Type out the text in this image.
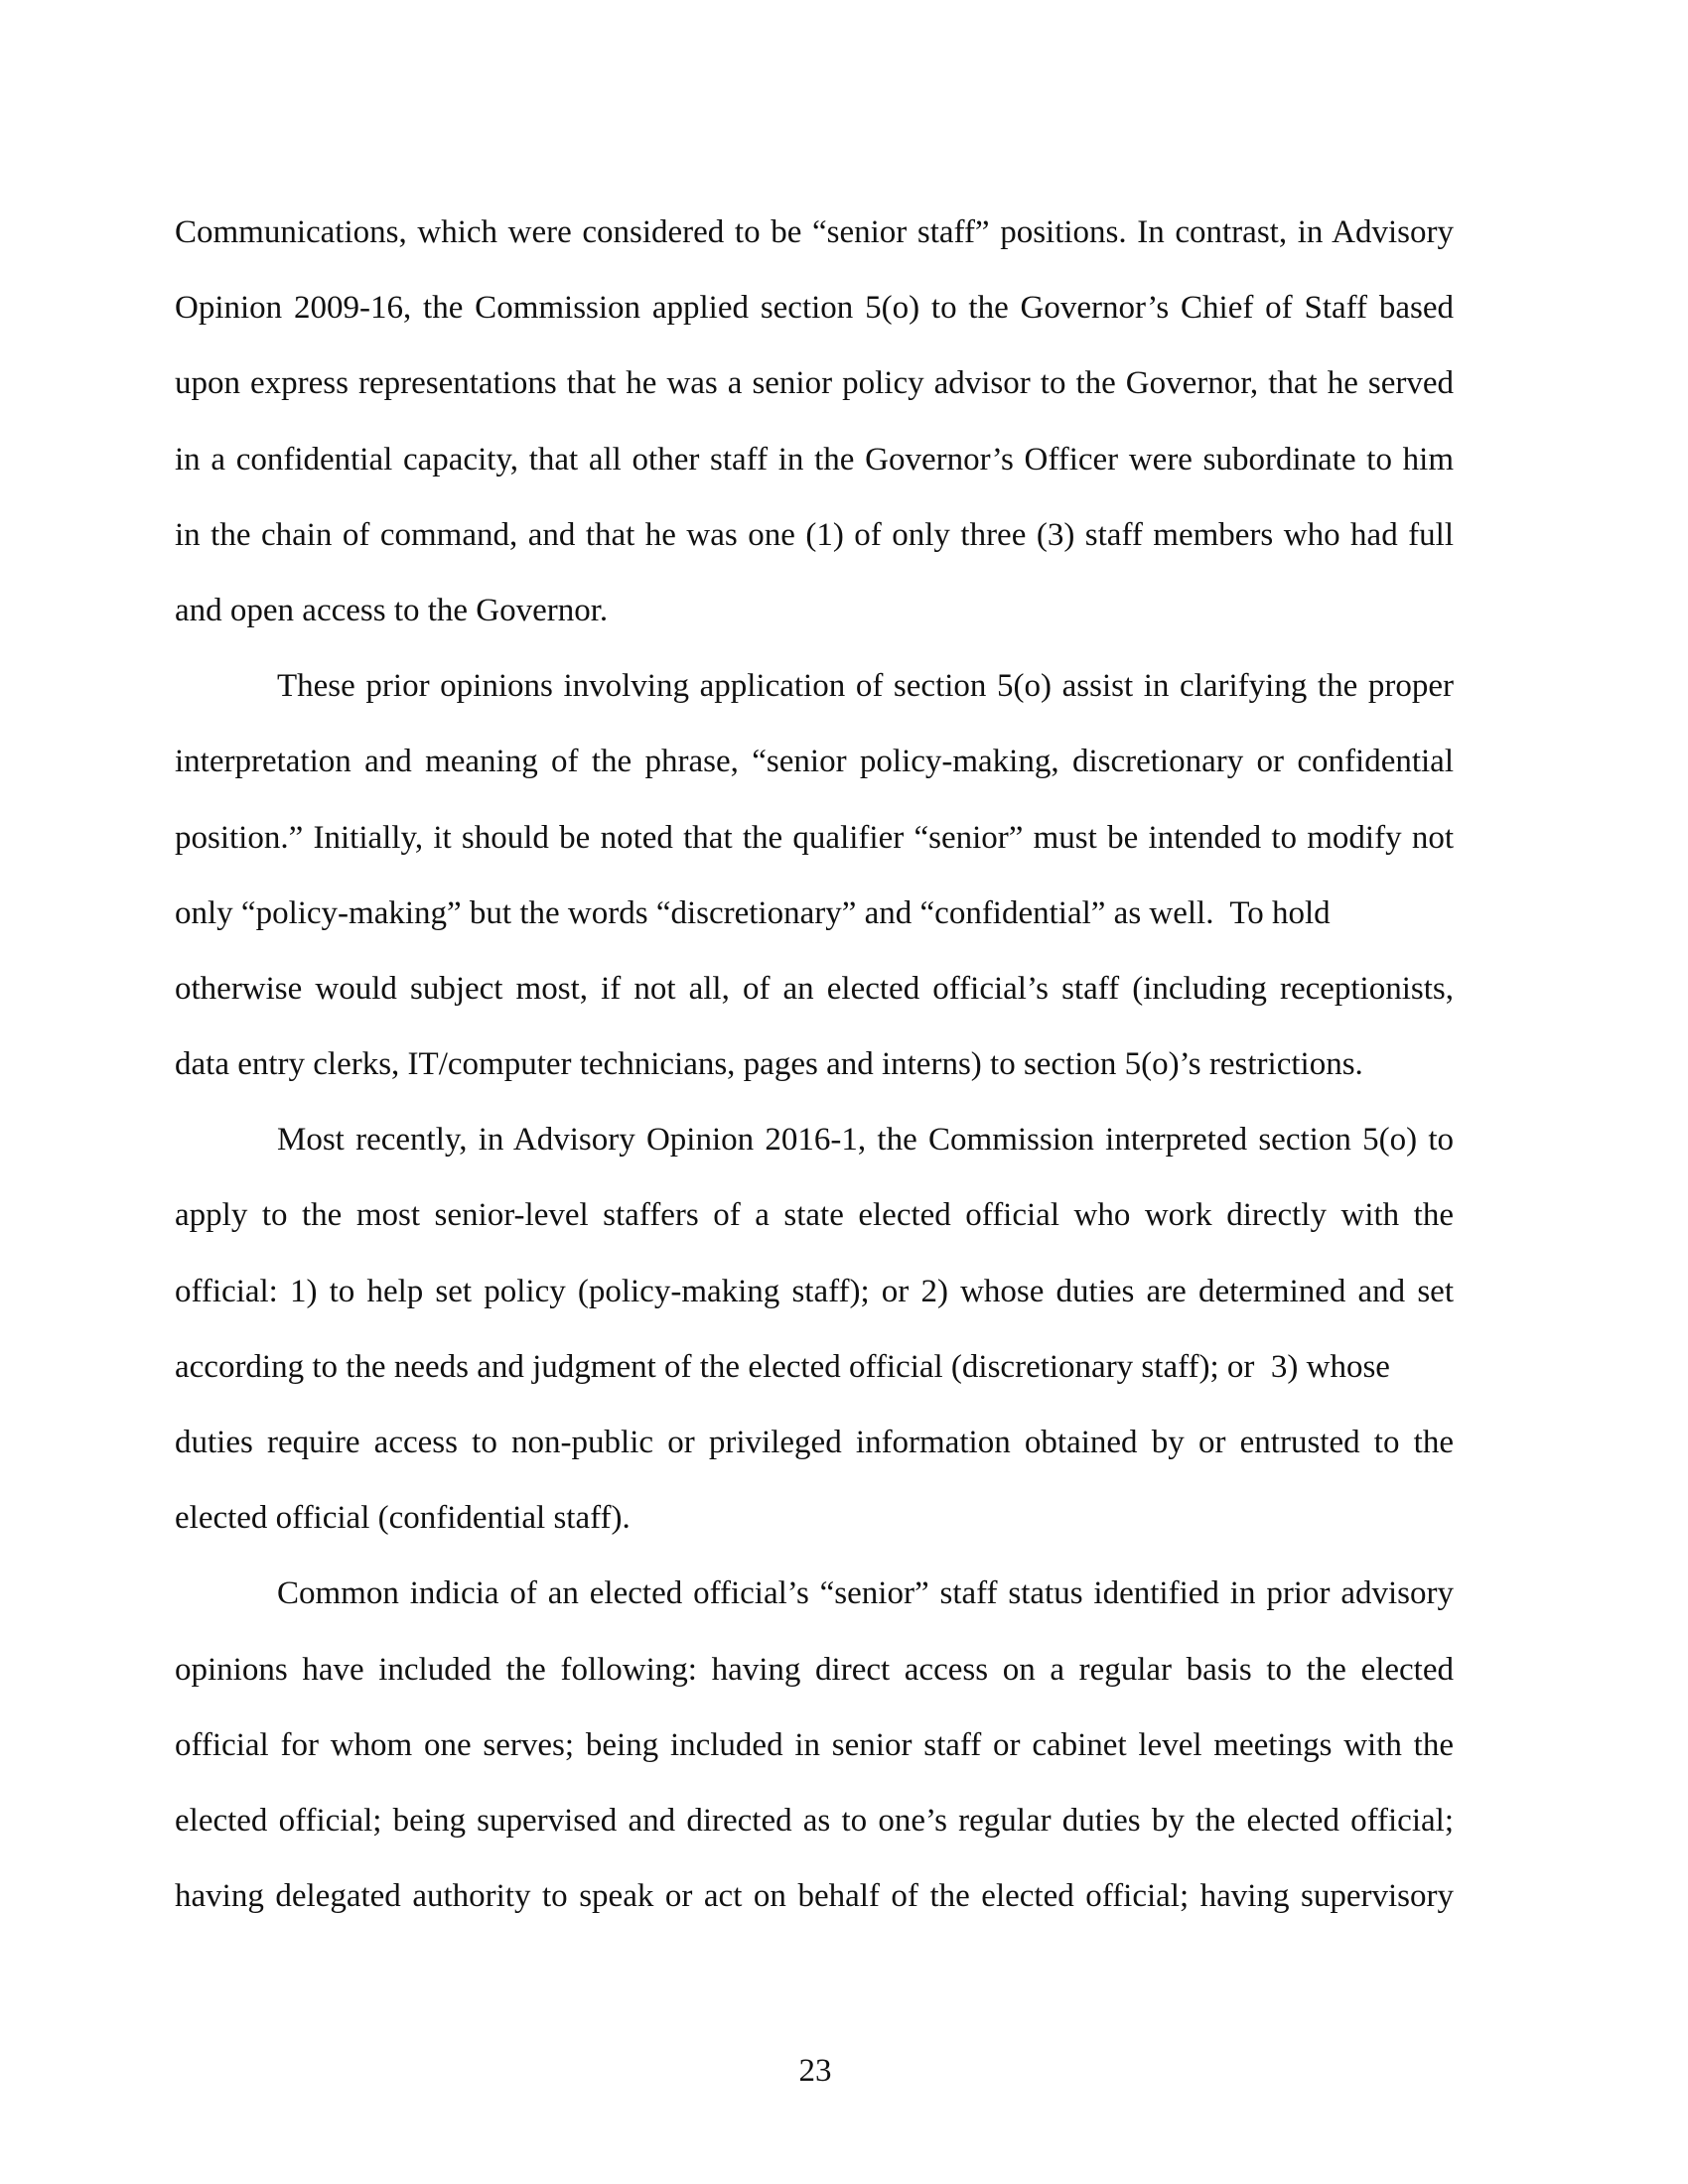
Communications, which were considered to be “senior staff” positions. In contrast, in Advisory
Opinion 2009-16, the Commission applied section 5(o) to the Governor’s Chief of Staff based
upon express representations that he was a senior policy advisor to the Governor, that he served
in a confidential capacity, that all other staff in the Governor’s Officer were subordinate to him
in the chain of command, and that he was one (1) of only three (3) staff members who had full
and open access to the Governor.
These prior opinions involving application of section 5(o) assist in clarifying the proper
interpretation and meaning of the phrase, “senior policy-making, discretionary or confidential
position.” Initially, it should be noted that the qualifier “senior” must be intended to modify not
only “policy-making” but the words “discretionary” and “confidential” as well.  To hold
otherwise would subject most, if not all, of an elected official’s staff (including receptionists,
data entry clerks, IT/computer technicians, pages and interns) to section 5(o)’s restrictions.
Most recently, in Advisory Opinion 2016-1, the Commission interpreted section 5(o) to
apply to the most senior-level staffers of a state elected official who work directly with the
official: 1) to help set policy (policy-making staff); or 2) whose duties are determined and set
according to the needs and judgment of the elected official (discretionary staff); or  3) whose
duties require access to non-public or privileged information obtained by or entrusted to the
elected official (confidential staff).
Common indicia of an elected official’s “senior” staff status identified in prior advisory
opinions have included the following: having direct access on a regular basis to the elected
official for whom one serves; being included in senior staff or cabinet level meetings with the
elected official; being supervised and directed as to one’s regular duties by the elected official;
having delegated authority to speak or act on behalf of the elected official; having supervisory
23
